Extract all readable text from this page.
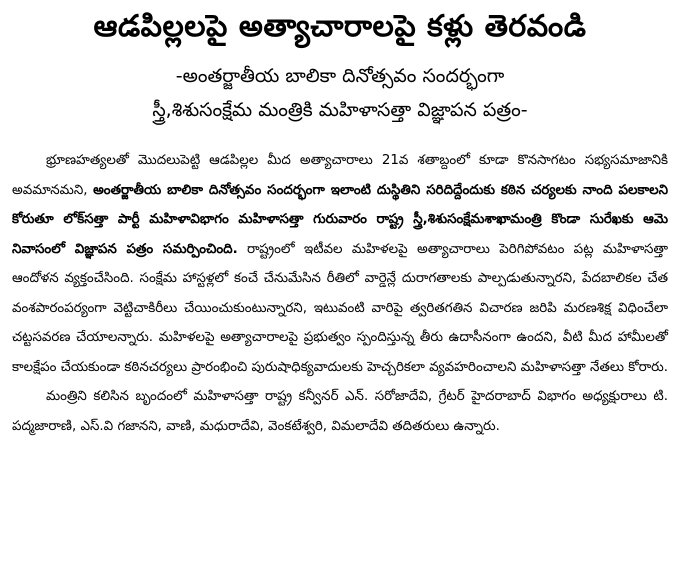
ఆడపిల్లలపై అత్యాచారాలపై కళ్లు తెరవండి
-అంతర్జాతీయ బాలికా దినోత్సవం సందర్భంగా
స్త్రీ,శిశుసంక్షేమ మంత్రికి మహిళాసత్తా విజ్ఞాపన పత్రం-

భ్రూణహత్యలతో మొదలుపెట్టి ఆడపిల్లల మీద అత్యాచారాలు 21వ శతాబ్దంలో కూడా కొనసాగటం సభ్యసమాజానికి అవమానమని, అంతర్జాతీయ బాలికా దినోత్సవం సందర్భంగా ఇలాంటి దుస్థితిని సరిదిద్దేందుకు కఠిన చర్యలకు నాంది పలకాలని కోరుతూ లోక్‌సత్తా పార్టీ మహిళావిభాగం మహిళాసత్తా గురువారం రాష్ట్ర స్త్రీ,శిశుసంక్షేమశాఖామంత్రి కొండా సురేఖకు ఆమె నివాసంలో విజ్ఞాపన పత్రం సమర్పించింది. రాష్ట్రంలో ఇటీవల మహిళలపై అత్యాచారాలు పెరిగిపోవటం పట్ల మహిళాసత్తా ఆందోళన వ్యక్తంచేసింది. సంక్షేమ హాస్టళ్లలో కంచే చేనుమేసిన రీతిలో వార్డెన్లే దురాగతాలకు పాల్పడుతున్నారని, పేదబాలికల చేత వంశపారంపర్యంగా వెట్టిచాకిరీలు చేయించుకుంటున్నారని, ఇటువంటి వారిపై త్వరితగతిన విచారణ జరిపి మరణశిక్ష విధించేలా చట్టసవరణ చేయాలన్నారు. మహిళలపై అత్యాచారాలపై ప్రభుత్వం స్పందిస్తున్న తీరు ఉదాసీనంగా ఉందని, వీటి మీద హామీలతో కాలక్షేపం చేయకుండా కఠినచర్యలు ప్రారంభించి పురుషాధిక్యవాదులకు హెచ్చరికలా వ్యవహరించాలని మహిళాసత్తా నేతలు కోరారు.

మంత్రిని కలిసిన బృందంలో మహిళాసత్తా రాష్ట్ర కన్వీనర్ ఎన్. సరోజాదేవి, గ్రేటర్ హైదరాబాద్ విభాగం అధ్యక్షురాలు టి. పద్మజారాణి, ఎస్.వి గజానని, వాణి, మధురాదేవి, వెంకటేశ్వరి, విమలాదేవి తదితరులు ఉన్నారు.
